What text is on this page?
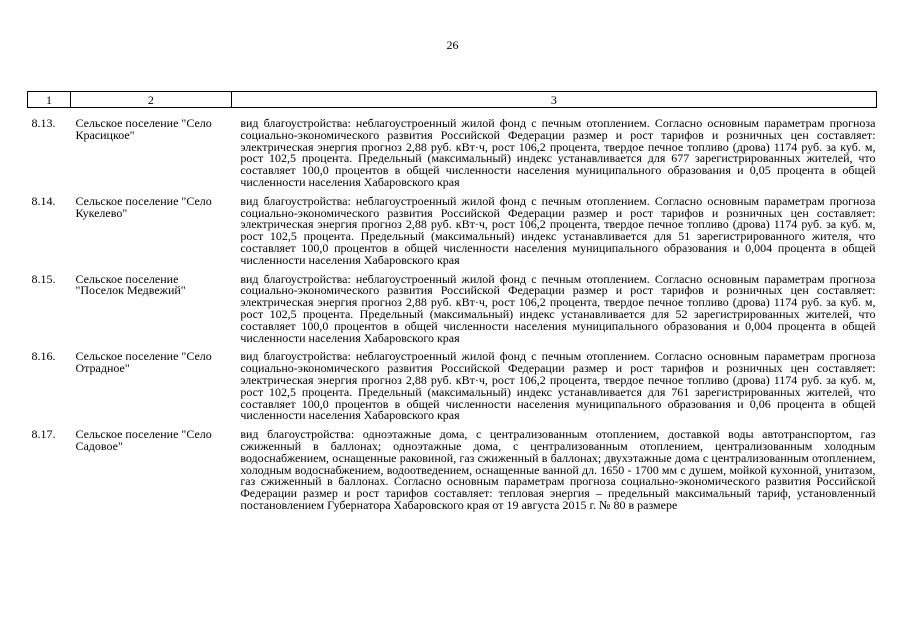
26
1	2	3
8.13.	Сельское поселение "Село Красицкое"	вид благоустройства: неблагоустроенный жилой фонд с печным отоплением. Согласно основным параметрам прогноза социально-экономического развития Российской Федерации размер и рост тарифов и розничных цен составляет: электрическая энергия прогноз 2,88 руб. кВт·ч, рост 106,2 процента, твердое печное топливо (дрова) 1174 руб. за куб. м, рост 102,5 процента. Предельный (максимальный) индекс устанавливается для 677 зарегистрированных жителей, что составляет 100,0 процентов в общей численности населения муниципального образования и 0,05 процента в общей численности населения Хабаровского края
8.14.	Сельское поселение "Село Кукелево"	вид благоустройства: неблагоустроенный жилой фонд с печным отоплением. Согласно основным параметрам прогноза социально-экономического развития Российской Федерации размер и рост тарифов и розничных цен составляет: электрическая энергия прогноз 2,88 руб. кВт·ч, рост 106,2 процента, твердое печное топливо (дрова) 1174 руб. за куб. м, рост 102,5 процента. Предельный (максимальный) индекс устанавливается для 51 зарегистрированного жителя, что составляет 100,0 процентов в общей численности населения муниципального образования и 0,004 процента в общей численности населения Хабаровского края
8.15.	Сельское поселение "Поселок Медвежий"	вид благоустройства: неблагоустроенный жилой фонд с печным отоплением. Согласно основным параметрам прогноза социально-экономического развития Российской Федерации размер и рост тарифов и розничных цен составляет: электрическая энергия прогноз 2,88 руб. кВт·ч, рост 106,2 процента, твердое печное топливо (дрова) 1174 руб. за куб. м, рост 102,5 процента. Предельный (максимальный) индекс устанавливается для 52 зарегистрированных жителей, что составляет 100,0 процентов в общей численности населения муниципального образования и 0,004 процента в общей численности населения Хабаровского края
8.16.	Сельское поселение "Село Отрадное"	вид благоустройства: неблагоустроенный жилой фонд с печным отоплением. Согласно основным параметрам прогноза социально-экономического развития Российской Федерации размер и рост тарифов и розничных цен составляет: электрическая энергия прогноз 2,88 руб. кВт·ч, рост 106,2 процента, твердое печное топливо (дрова) 1174 руб. за куб. м, рост 102,5 процента. Предельный (максимальный) индекс устанавливается для 761 зарегистрированных жителей, что составляет 100,0 процентов в общей численности населения муниципального образования и 0,06 процента в общей численности населения Хабаровского края
8.17.	Сельское поселение "Село Садовое"	вид благоустройства: одноэтажные дома, с централизованным отоплением, доставкой воды автотранспортом, газ сжиженный в баллонах; одноэтажные дома, с централизованным отоплением, централизованным холодным водоснабжением, оснащенные раковиной, газ сжиженный в баллонах; двухэтажные дома с централизованным отоплением, холодным водоснабжением, водоотведением, оснащенные ванной дл. 1650 - 1700 мм с душем, мойкой кухонной, унитазом, газ сжиженный в баллонах. Согласно основным параметрам прогноза социально-экономического развития Российской Федерации размер и рост тарифов составляет: тепловая энергия – предельный максимальный тариф, установленный постановлением Губернатора Хабаровского края от 19 августа 2015 г. № 80 в размере
